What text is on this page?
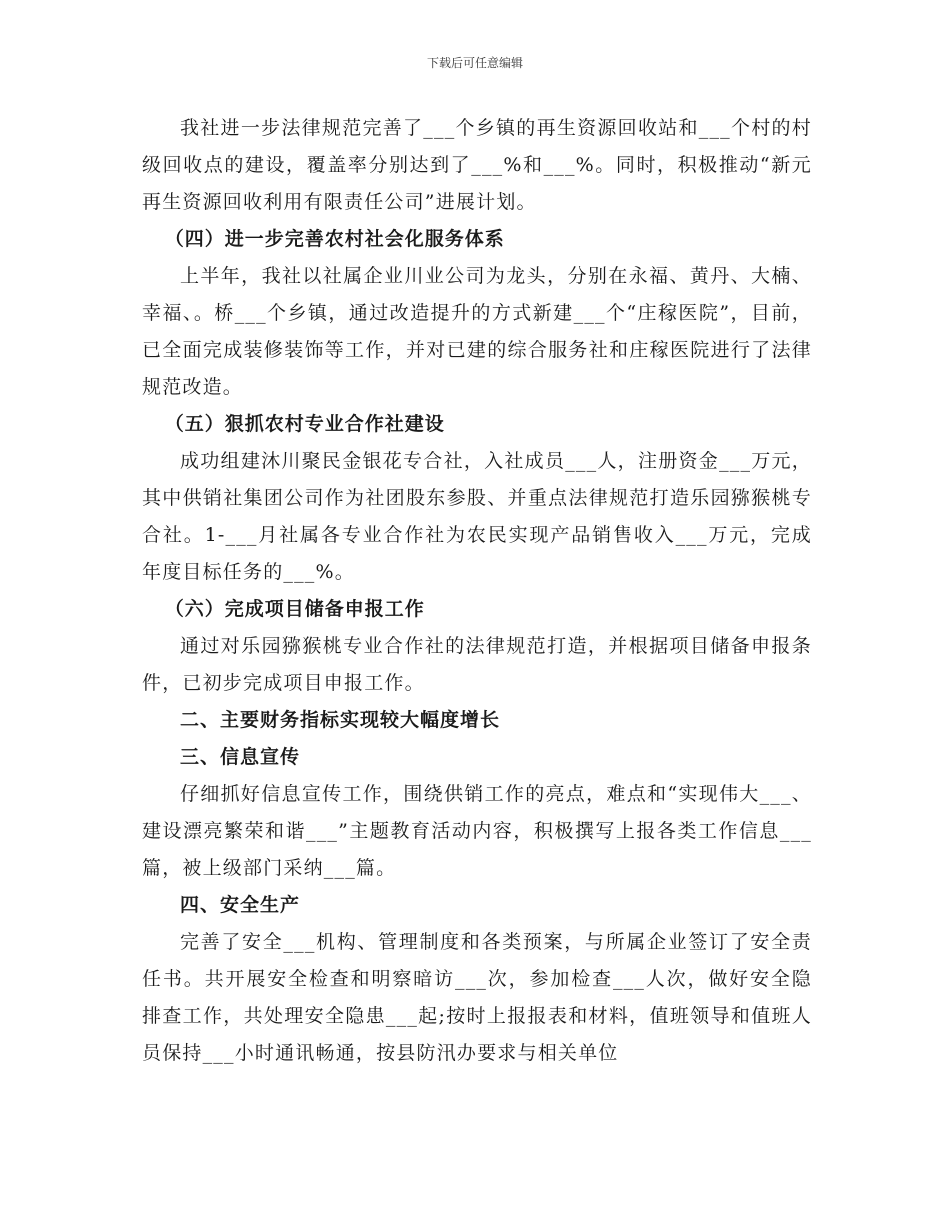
下载后可任意编辑

我社进一步法律规范完善了___个乡镇的再生资源回收站和___个村的村级回收点的建设，覆盖率分别达到了___%和___%。同时，积极推动“新元再生资源回收利用有限责任公司”进展计划。

（四）进一步完善农村社会化服务体系

上半年，我社以社属企业川业公司为龙头，分别在永福、黄丹、大楠、幸福、。桥___个乡镇，通过改造提升的方式新建___个“庄稼医院”，目前，已全面完成装修装饰等工作，并对已建的综合服务社和庄稼医院进行了法律规范改造。

（五）狠抓农村专业合作社建设

成功组建沐川聚民金银花专合社，入社成员___人，注册资金___万元，其中供销社集团公司作为社团股东参股、并重点法律规范打造乐园猕猴桃专合社。1-___月社属各专业合作社为农民实现产品销售收入___万元，完成年度目标任务的___%。

（六）完成项目储备申报工作

通过对乐园猕猴桃专业合作社的法律规范打造，并根据项目储备申报条件，已初步完成项目申报工作。

二、主要财务指标实现较大幅度增长

三、信息宣传

仔细抓好信息宣传工作，围绕供销工作的亮点，难点和“实现伟大___、建设漂亮繁荣和谐___”主题教育活动内容，积极撰写上报各类工作信息___篇，被上级部门采纳___篇。

四、安全生产

完善了安全___机构、管理制度和各类预案，与所属企业签订了安全责任书。共开展安全检查和明察暗访___次，参加检查___人次，做好安全隐排查工作，共处理安全隐患___起;按时上报报表和材料，值班领导和值班人员保持___小时通讯畅通，按县防汛办要求与相关单位
